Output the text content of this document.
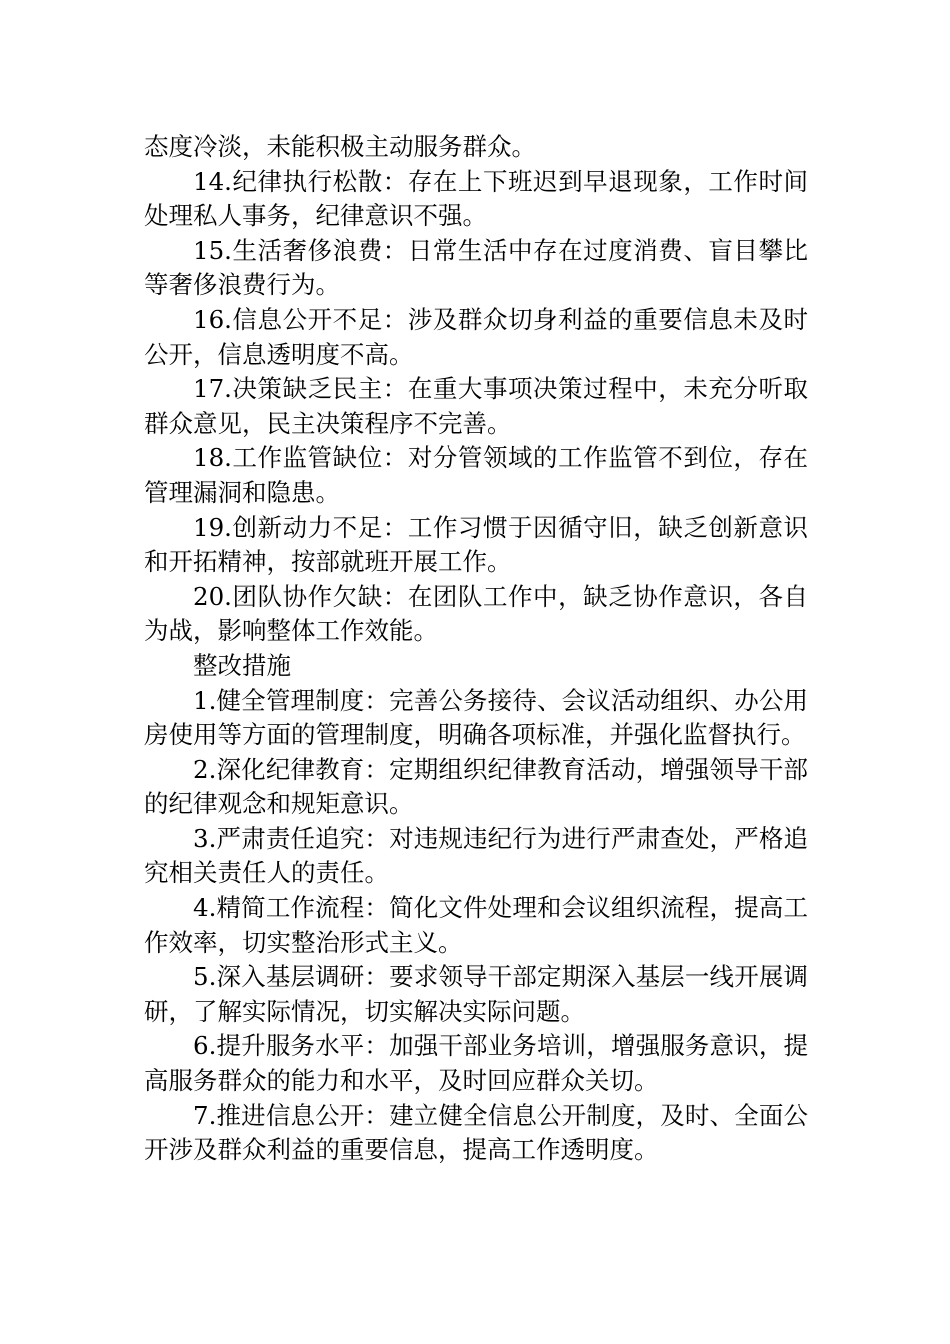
态度冷淡，未能积极主动服务群众。

14.纪律执行松散：存在上下班迟到早退现象，工作时间处理私人事务，纪律意识不强。

15.生活奢侈浪费：日常生活中存在过度消费、盲目攀比等奢侈浪费行为。

16.信息公开不足：涉及群众切身利益的重要信息未及时公开，信息透明度不高。

17.决策缺乏民主：在重大事项决策过程中，未充分听取群众意见，民主决策程序不完善。

18.工作监管缺位：对分管领域的工作监管不到位，存在管理漏洞和隐患。

19.创新动力不足：工作习惯于因循守旧，缺乏创新意识和开拓精神，按部就班开展工作。

20.团队协作欠缺：在团队工作中，缺乏协作意识，各自为战，影响整体工作效能。

整改措施

1.健全管理制度：完善公务接待、会议活动组织、办公用房使用等方面的管理制度，明确各项标准，并强化监督执行。

2.深化纪律教育：定期组织纪律教育活动，增强领导干部的纪律观念和规矩意识。

3.严肃责任追究：对违规违纪行为进行严肃查处，严格追究相关责任人的责任。

4.精简工作流程：简化文件处理和会议组织流程，提高工作效率，切实整治形式主义。

5.深入基层调研：要求领导干部定期深入基层一线开展调研，了解实际情况，切实解决实际问题。

6.提升服务水平：加强干部业务培训，增强服务意识，提高服务群众的能力和水平，及时回应群众关切。

7.推进信息公开：建立健全信息公开制度，及时、全面公开涉及群众利益的重要信息，提高工作透明度。
